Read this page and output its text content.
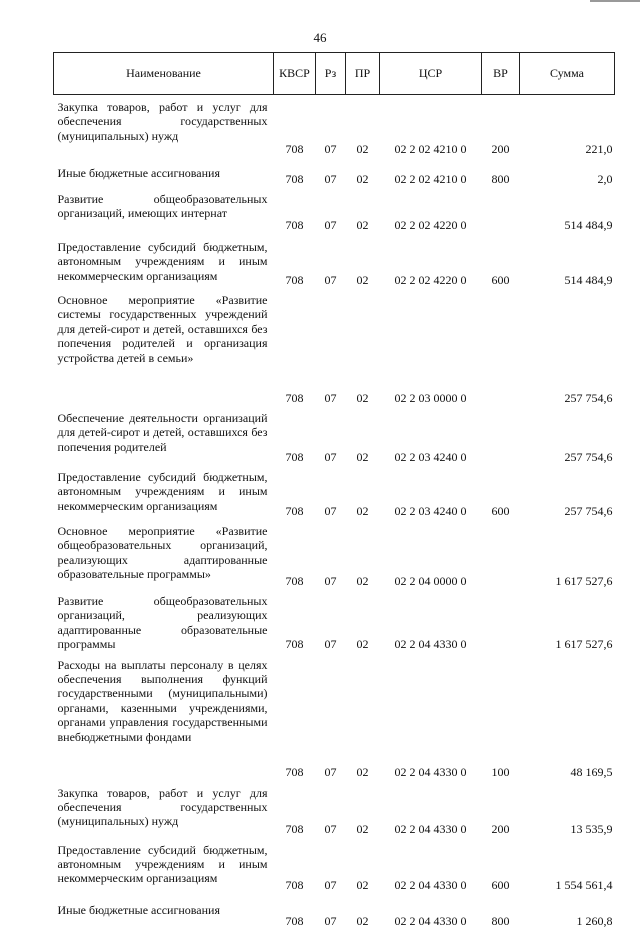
46
Наименование	КВСР	Рз	ПР	ЦСР	ВР	Сумма

Закупка товаров, работ и услуг для обеспечения государственных (муниципальных) нужд	708	07	02	02 2 02 4210 0	200	221,0

Иные бюджетные ассигнования	708	07	02	02 2 02 4210 0	800	2,0

Развитие общеобразовательных организаций, имеющих интернат	708	07	02	02 2 02 4220 0		514 484,9

Предоставление субсидий бюджетным, автономным учреждениям и иным некоммерческим организациям	708	07	02	02 2 02 4220 0	600	514 484,9

Основное мероприятие «Развитие системы государственных учреждений для детей-сирот и детей, оставшихся без попечения родителей и организация устройства детей в семьи»	708	07	02	02 2 03 0000 0		257 754,6

Обеспечение деятельности организаций для детей-сирот и детей, оставшихся без попечения родителей	708	07	02	02 2 03 4240 0		257 754,6

Предоставление субсидий бюджетным, автономным учреждениям и иным некоммерческим организациям	708	07	02	02 2 03 4240 0	600	257 754,6

Основное мероприятие «Развитие общеобразовательных организаций, реализующих адаптированные образовательные программы»	708	07	02	02 2 04 0000 0		1 617 527,6

Развитие общеобразовательных организаций, реализующих адаптированные образовательные программы	708	07	02	02 2 04 4330 0		1 617 527,6

Расходы на выплаты персоналу в целях обеспечения выполнения функций государственными (муниципальными) органами, казенными учреждениями, органами управления государственными внебюджетными фондами	708	07	02	02 2 04 4330 0	100	48 169,5

Закупка товаров, работ и услуг для обеспечения государственных (муниципальных) нужд	708	07	02	02 2 04 4330 0	200	13 535,9

Предоставление субсидий бюджетным, автономным учреждениям и иным некоммерческим организациям	708	07	02	02 2 04 4330 0	600	1 554 561,4

Иные бюджетные ассигнования	708	07	02	02 2 04 4330 0	800	1 260,8
